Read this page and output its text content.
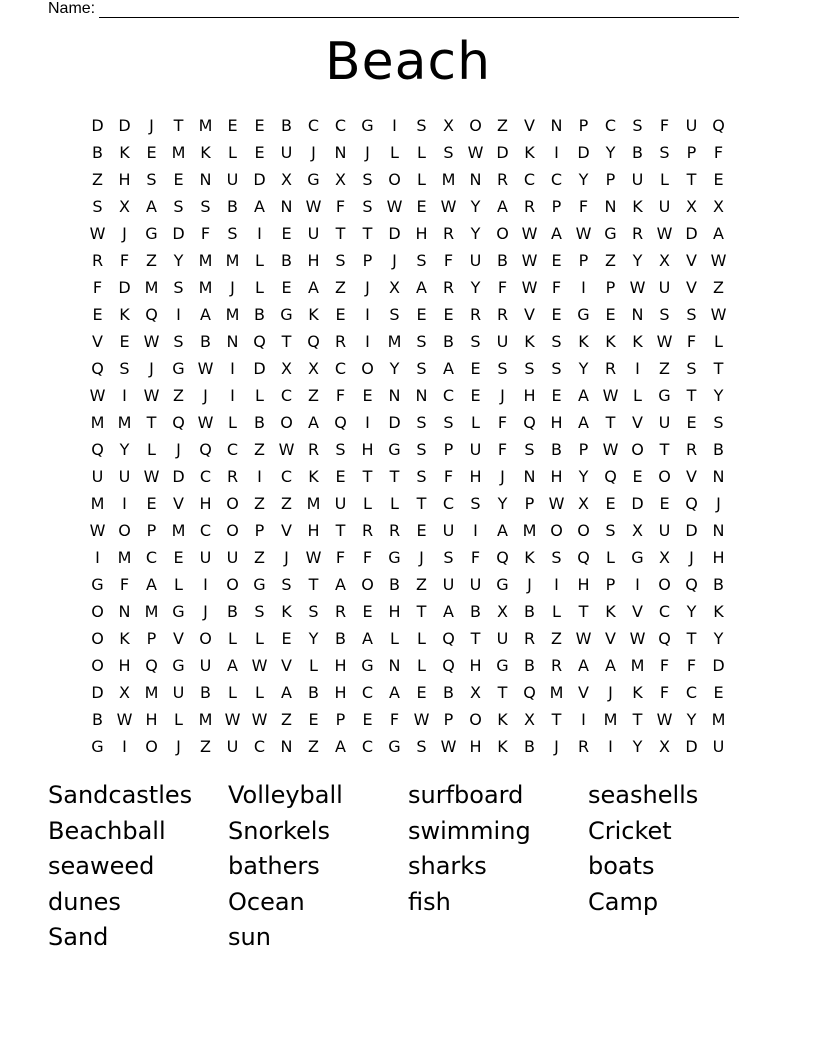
Name:
Beach
D D	J	T M E	E	B C C G	I	S	X O Z	V N	P	C	S	F	U Q
B	K	E M K	L	E	U	J	N	J	L	L	S W D K	I	D Y	B	S	P	F
Z H S	E N U D X G X	S O	L M N R C C	Y	P	U	L	T	E
S	X	A	S	S	B	A N W F	S W E W Y	A R	P	F	N K U X	X
W	J	G D	F	S	I	E	U	T	T D H R	Y O W A W G R W D A
R	F	Z	Y M M L	B H S	P	J	S	F	U B W E	P	Z	Y	X	V W
F	D M S M	J	L	E	A	Z	J	X	A R	Y	F W F	I	P W U V	Z
E	K Q	I	A M B G K	E	I	S	E	E	R R V	E G E N S	S W
V	E W S	B N Q T Q R	I	M S	B	S	U K	S	K	K	K W F	L
Q S	J	G W	I	D X	X C O Y	S	A	E	S	S	S	Y	R	I	Z	S	T
W	I	W Z	J	I	L	C Z	F	E N N C	E	J	H E	A W L	G T	Y
M M T Q W L	B O A Q	I	D S	S	L	F	Q H A	T	V U	E	S
Q Y	L	J	Q C Z W R	S H G S	P	U	F	S	B	P W O T	R B
U U W D C R	I	C	K	E	T	T	S	F	H	J	N H	Y Q E O V N
M	I	E	V H O Z	Z M U	L	L	T	C	S	Y	P W X	E D E Q	J
W O P M C O P	V H	T	R R	E	U	I	A M O O S	X U D N
I	M C	E	U U Z	J	W F	F	G	J	S	F	Q K	S Q	L	G X	J	H
G	F	A	L	I	O G S	T	A O B	Z U U G	J	I	H	P	I	O Q B
O N M G	J	B	S	K	S	R	E H	T	A	B	X	B	L	T	K	V C	Y	K
O K	P	V O	L	L	E	Y	B	A	L	L	Q T	U R Z W V W Q T	Y
O H Q G U A W V	L	H G N	L	Q H G B R A	A M F	F	D
D X M U B	L	L	A	B H C A	E	B	X	T Q M V	J	K	F	C	E
B W H	L M W W Z	E	P	E	F W P O K	X	T	I	M T W Y M
G	I	O	J	Z U C N Z	A C G S W H K	B	J	R	I	Y	X D U
Sandcastles	Volleyball	surfboard	seashells
Beachball	Snorkels	swimming	Cricket
seaweed	bathers	sharks	boats
dunes	Ocean	fish	Camp
Sand	sun
